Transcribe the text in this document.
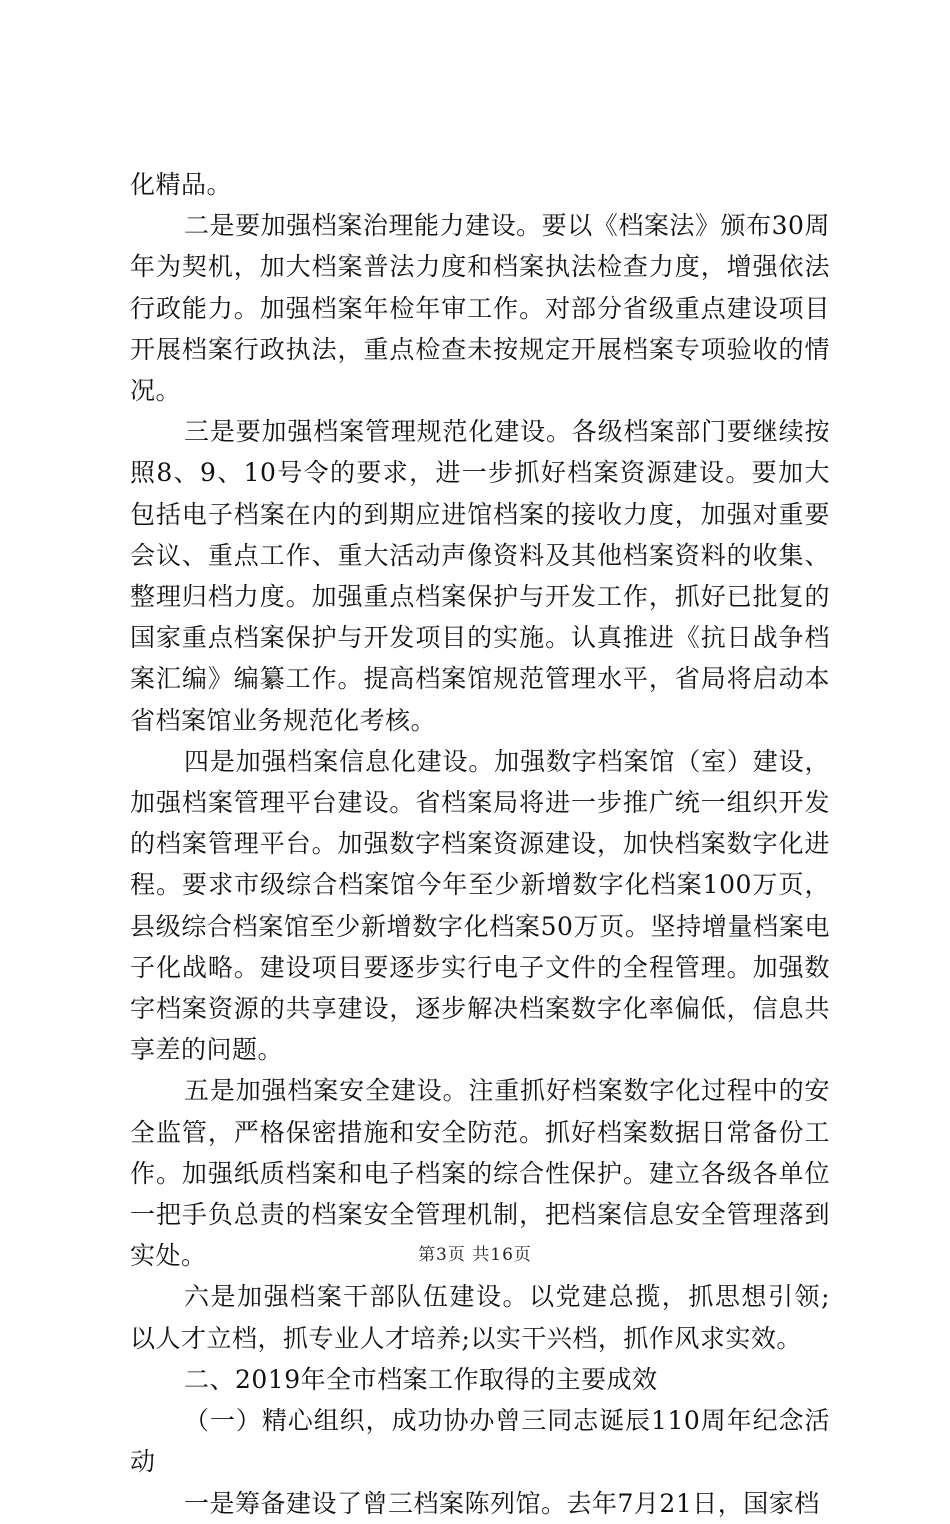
化精品。

二是要加强档案治理能力建设。要以《档案法》颁布30周年为契机，加大档案普法力度和档案执法检查力度，增强依法行政能力。加强档案年检年审工作。对部分省级重点建设项目开展档案行政执法，重点检查未按规定开展档案专项验收的情况。

三是要加强档案管理规范化建设。各级档案部门要继续按照8、9、10号令的要求，进一步抓好档案资源建设。要加大包括电子档案在内的到期应进馆档案的接收力度，加强对重要会议、重点工作、重大活动声像资料及其他档案资料的收集、整理归档力度。加强重点档案保护与开发工作，抓好已批复的国家重点档案保护与开发项目的实施。认真推进《抗日战争档案汇编》编纂工作。提高档案馆规范管理水平，省局将启动本省档案馆业务规范化考核。

四是加强档案信息化建设。加强数字档案馆（室）建设，加强档案管理平台建设。省档案局将进一步推广统一组织开发的档案管理平台。加强数字档案资源建设，加快档案数字化进程。要求市级综合档案馆今年至少新增数字化档案100万页，县级综合档案馆至少新增数字化档案50万页。坚持增量档案电子化战略。建设项目要逐步实行电子文件的全程管理。加强数字档案资源的共享建设，逐步解决档案数字化率偏低，信息共享差的问题。

五是加强档案安全建设。注重抓好档案数字化过程中的安全监管，严格保密措施和安全防范。抓好档案数据日常备份工作。加强纸质档案和电子档案的综合性保护。建立各级各单位一把手负总责的档案安全管理机制，把档案信息安全管理落到实处。

六是加强档案干部队伍建设。以党建总揽，抓思想引领;以人才立档，抓专业人才培养;以实干兴档，抓作风求实效。

二、2019年全市档案工作取得的主要成效

（一）精心组织，成功协办曾三同志诞辰110周年纪念活动

一是筹备建设了曾三档案陈列馆。去年7月21日，国家档

第3页 共16页
